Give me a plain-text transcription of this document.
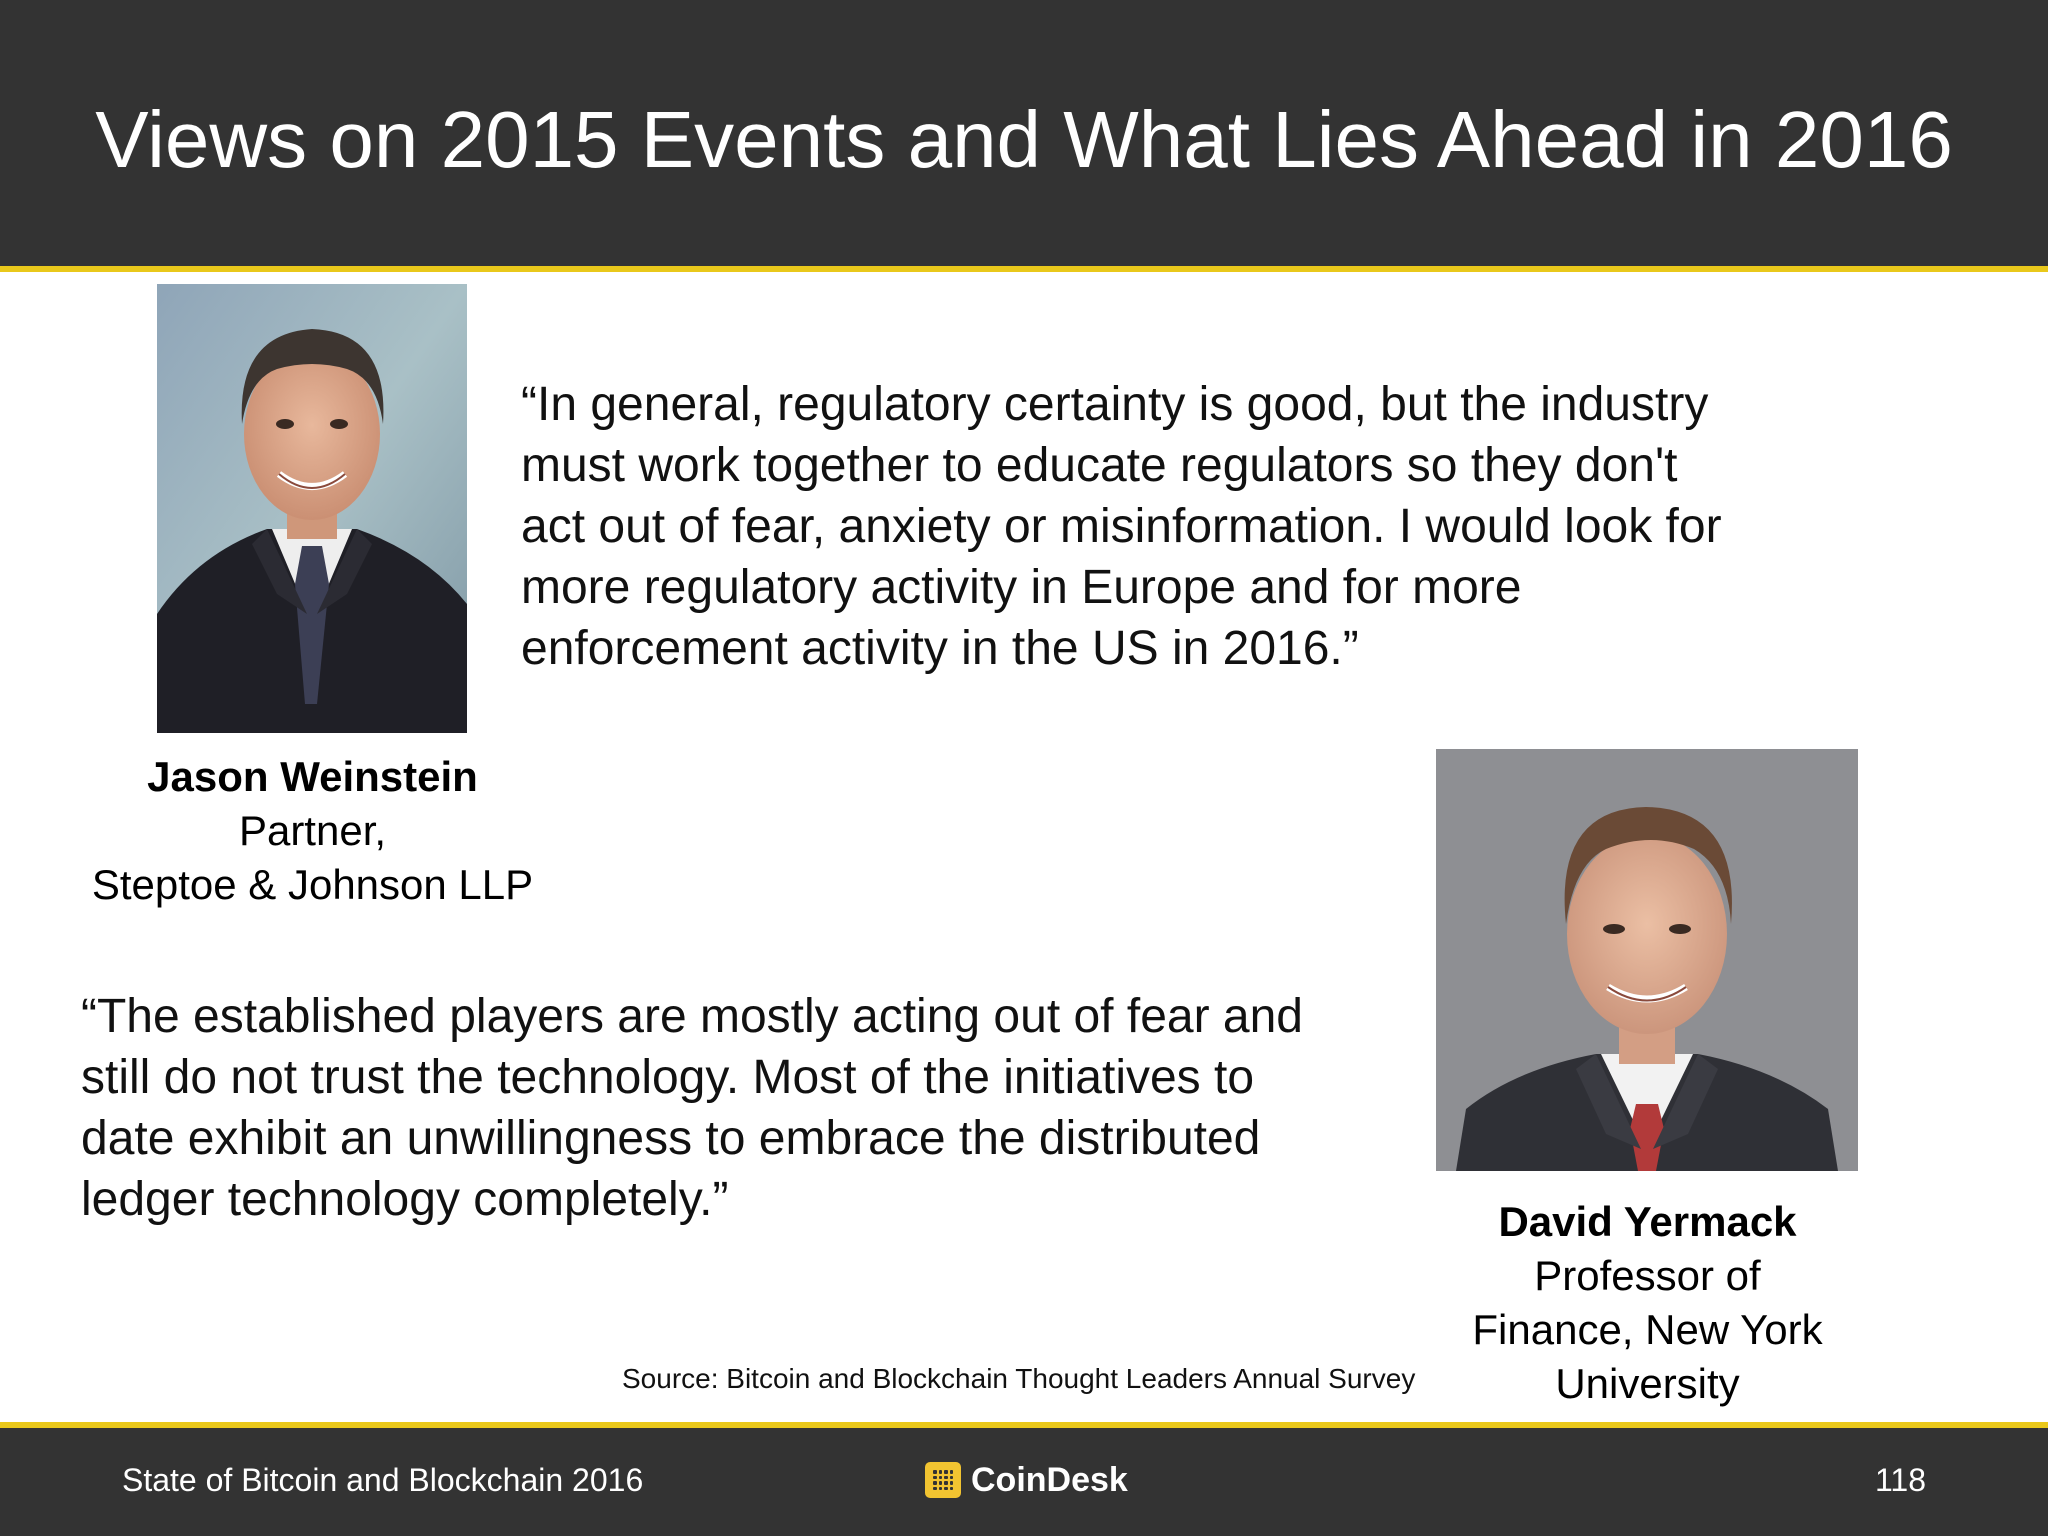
Views on 2015 Events and What Lies Ahead in 2016
Jason Weinstein
Partner,
Steptoe & Johnson LLP
“In general, regulatory certainty is good, but the industry
must work together to educate regulators so they don't
act out of fear, anxiety or misinformation. I would look for
more regulatory activity in Europe and for more
enforcement activity in the US in 2016.”
“The established players are mostly acting out of fear and
still do not trust the technology. Most of the initiatives to
date exhibit an unwillingness to embrace the distributed
ledger technology completely.”	David Yermack
Professor of
Finance, New York
University
Source: Bitcoin and Blockchain Thought Leaders Annual Survey
State of Bitcoin and Blockchain 2016	CoinDesk	118
